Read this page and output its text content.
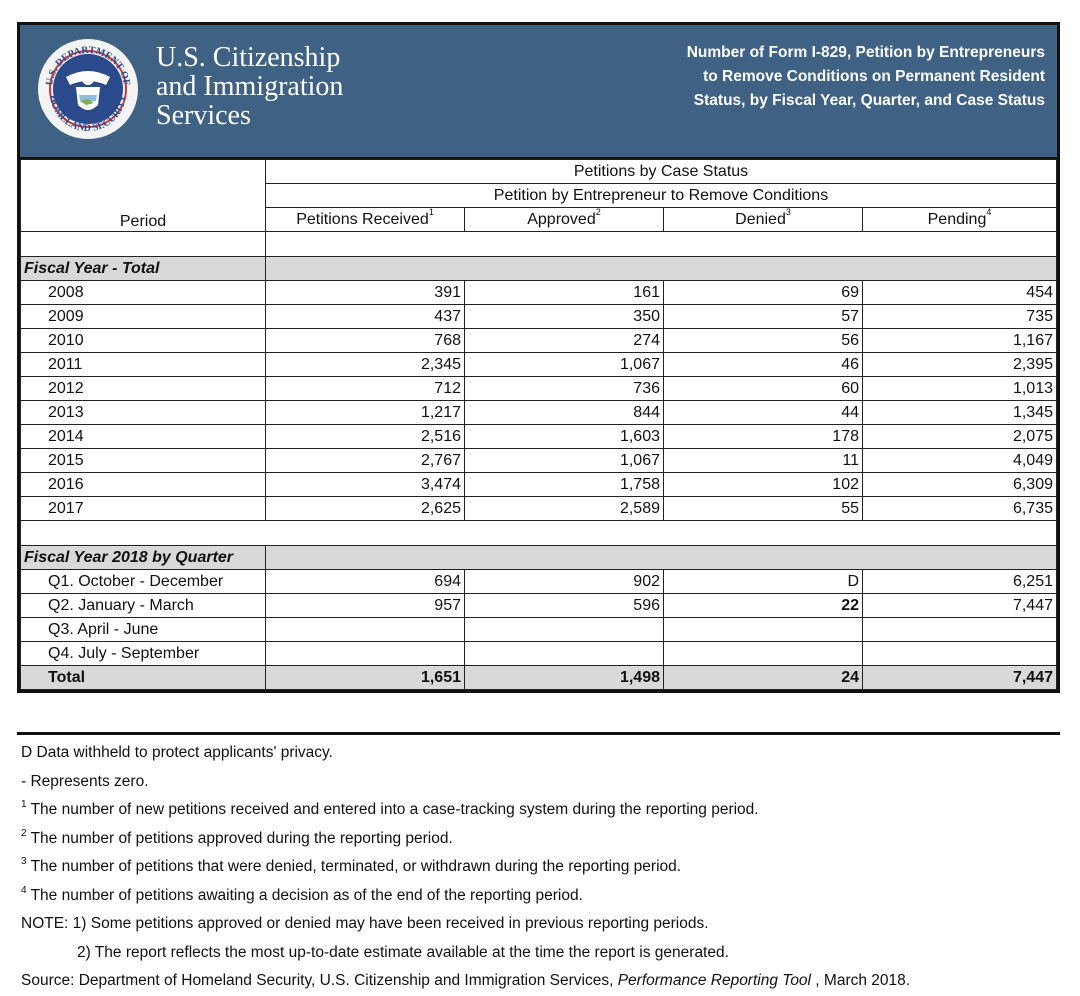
U.S. DEPARTMENT OF
HOMELAND SECURITY
U.S. Citizenship
and Immigration
Services
Number of Form I-829, Petition by Entrepreneurs
to Remove Conditions on Permanent Resident
Status, by Fiscal Year, Quarter, and Case Status
Period	Petitions by Case Status			
	Petition by Entrepreneur to Remove Conditions			
	Petitions Received$^1$	Approved$^2$	Denied$^3$	Pending$^4$

Fiscal Year - Total				
2008	391	161	69	454
2009	437	350	57	735
2010	768	274	56	1,167
2011	2,345	1,067	46	2,395
2012	712	736	60	1,013
2013	1,217	844	44	1,345
2014	2,516	1,603	178	2,075
2015	2,767	1,067	11	4,049
2016	3,474	1,758	102	6,309
2017	2,625	2,589	55	6,735

Fiscal Year 2018 by Quarter				
Q1. October - December	694	902	D	6,251
Q2. January - March	957	596	22	7,447
Q3. April - June				
Q4. July - September				
Total	1,651	1,498	24	7,447
D Data withheld to protect applicants' privacy.
- Represents zero.
$^1$ The number of new petitions received and entered into a case-tracking system during the reporting period.
$^2$ The number of petitions approved during the reporting period.
$^3$ The number of petitions that were denied, terminated, or withdrawn during the reporting period.
$^4$ The number of petitions awaiting a decision as of the end of the reporting period.
NOTE: 1) Some petitions approved or denied may have been received in previous reporting periods.
2) The report reflects the most up-to-date estimate available at the time the report is generated.
Source: Department of Homeland Security, U.S. Citizenship and Immigration Services, Performance Reporting Tool , March 2018.
